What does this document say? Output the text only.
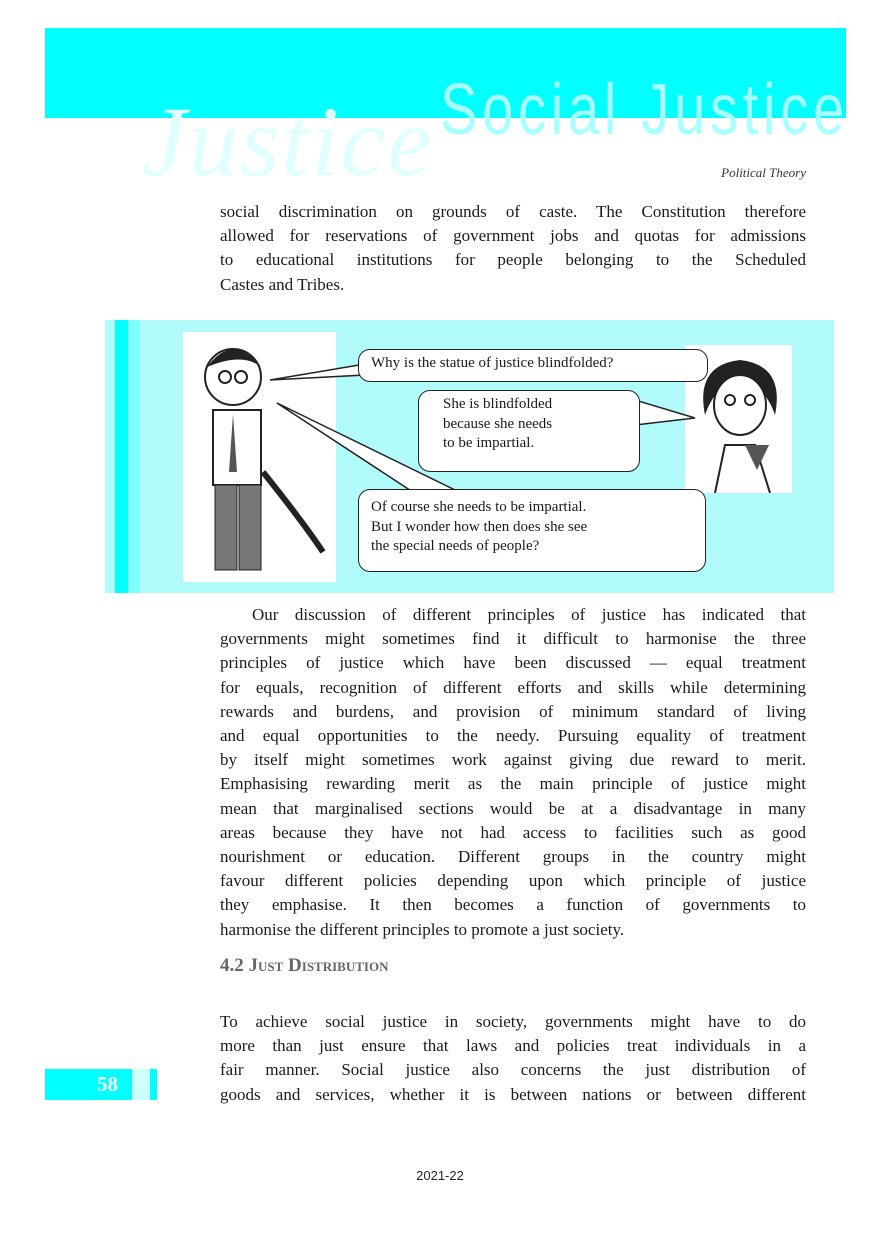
Justice Social Justice
Political Theory
social discrimination on grounds of caste. The Constitution therefore
allowed for reservations of government jobs and quotas for admissions
to educational institutions for people belonging to the Scheduled
Castes and Tribes.
Why is the statue of justice blindfolded?
She is blindfolded
because she needs
to be impartial.
Of course she needs to be impartial.
But I wonder how then does she see
the special needs of people?
Our discussion of different principles of justice has indicated that
governments might sometimes find it difficult to harmonise the three
principles of justice which have been discussed — equal treatment
for equals, recognition of different efforts and skills while determining
rewards and burdens, and provision of minimum standard of living
and equal opportunities to the needy. Pursuing equality of treatment
by itself might sometimes work against giving due reward to merit.
Emphasising rewarding merit as the main principle of justice might
mean that marginalised sections would be at a disadvantage in many
areas because they have not had access to facilities such as good
nourishment or education. Different groups in the country might
favour different policies depending upon which principle of justice
they emphasise. It then becomes a function of governments to
harmonise the different principles to promote a just society.
4.2 Just Distribution
To achieve social justice in society, governments might have to do
more than just ensure that laws and policies treat individuals in a
fair manner. Social justice also concerns the just distribution of
goods and services, whether it is between nations or between different
58
2021-22
